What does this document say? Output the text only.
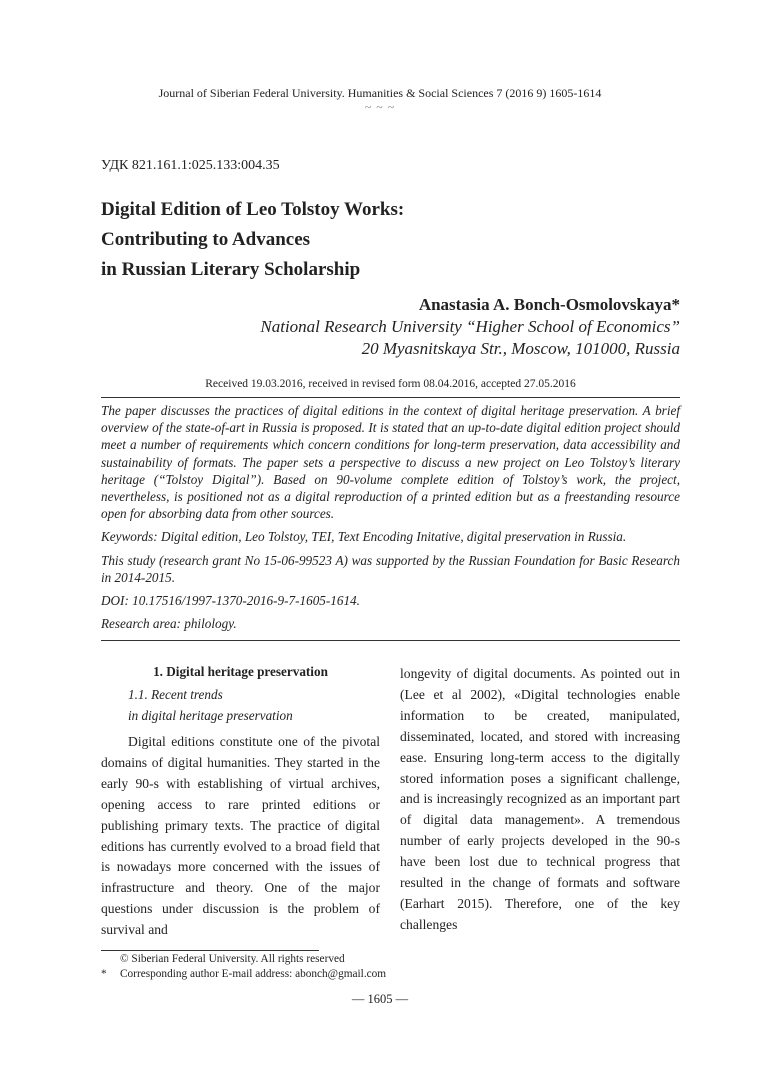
Journal of Siberian Federal University. Humanities & Social Sciences 7 (2016 9) 1605-1614
~ ~ ~
УДК 821.161.1:025.133:004.35
Digital Edition of Leo Tolstoy Works:
Contributing to Advances
in Russian Literary Scholarship
Anastasia A. Bonch-Osmolovskaya*
National Research University “Higher School of Economics”
20 Myasnitskaya Str., Moscow, 101000, Russia
Received 19.03.2016, received in revised form 08.04.2016, accepted 27.05.2016

The paper discusses the practices of digital editions in the context of digital heritage preservation. A brief overview of the state-of-art in Russia is proposed. It is stated that an up-to-date digital edition project should meet a number of requirements which concern conditions for long-term preservation, data accessibility and sustainability of formats. The paper sets a perspective to discuss a new project on Leo Tolstoy’s literary heritage (“Tolstoy Digital”). Based on 90-volume complete edition of Tolstoy’s work, the project, nevertheless, is positioned not as a digital reproduction of a printed edition but as a freestanding resource open for absorbing data from other sources.

Keywords: Digital edition, Leo Tolstoy, TEI, Text Encoding Initative, digital preservation in Russia.

This study (research grant No 15-06-99523 A) was supported by the Russian Foundation for Basic Research in 2014-2015.

DOI: 10.17516/1997-1370-2016-9-7-1605-1614.

Research area: philology.

1. Digital heritage preservation
1.1. Recent trends
in digital heritage preservation

Digital editions constitute one of the pivotal domains of digital humanities. They started in the early 90-s with establishing of virtual archives, opening access to rare printed editions or publishing primary texts. The practice of digital editions has currently evolved to a broad field that is nowadays more concerned with the issues of infrastructure and theory. One of the major questions under discussion is the problem of survival and

longevity of digital documents. As pointed out in (Lee et al 2002), «Digital technologies enable information to be created, manipulated, disseminated, located, and stored with increasing ease. Ensuring long-term access to the digitally stored information poses a significant challenge, and is increasingly recognized as an important part of digital data management». A tremendous number of early projects developed in the 90-s have been lost due to technical progress that resulted in the change of formats and software (Earhart 2015). Therefore, one of the key challenges

© Siberian Federal University. All rights reserved
* Corresponding author E-mail address: abonch@gmail.com
— 1605 —
